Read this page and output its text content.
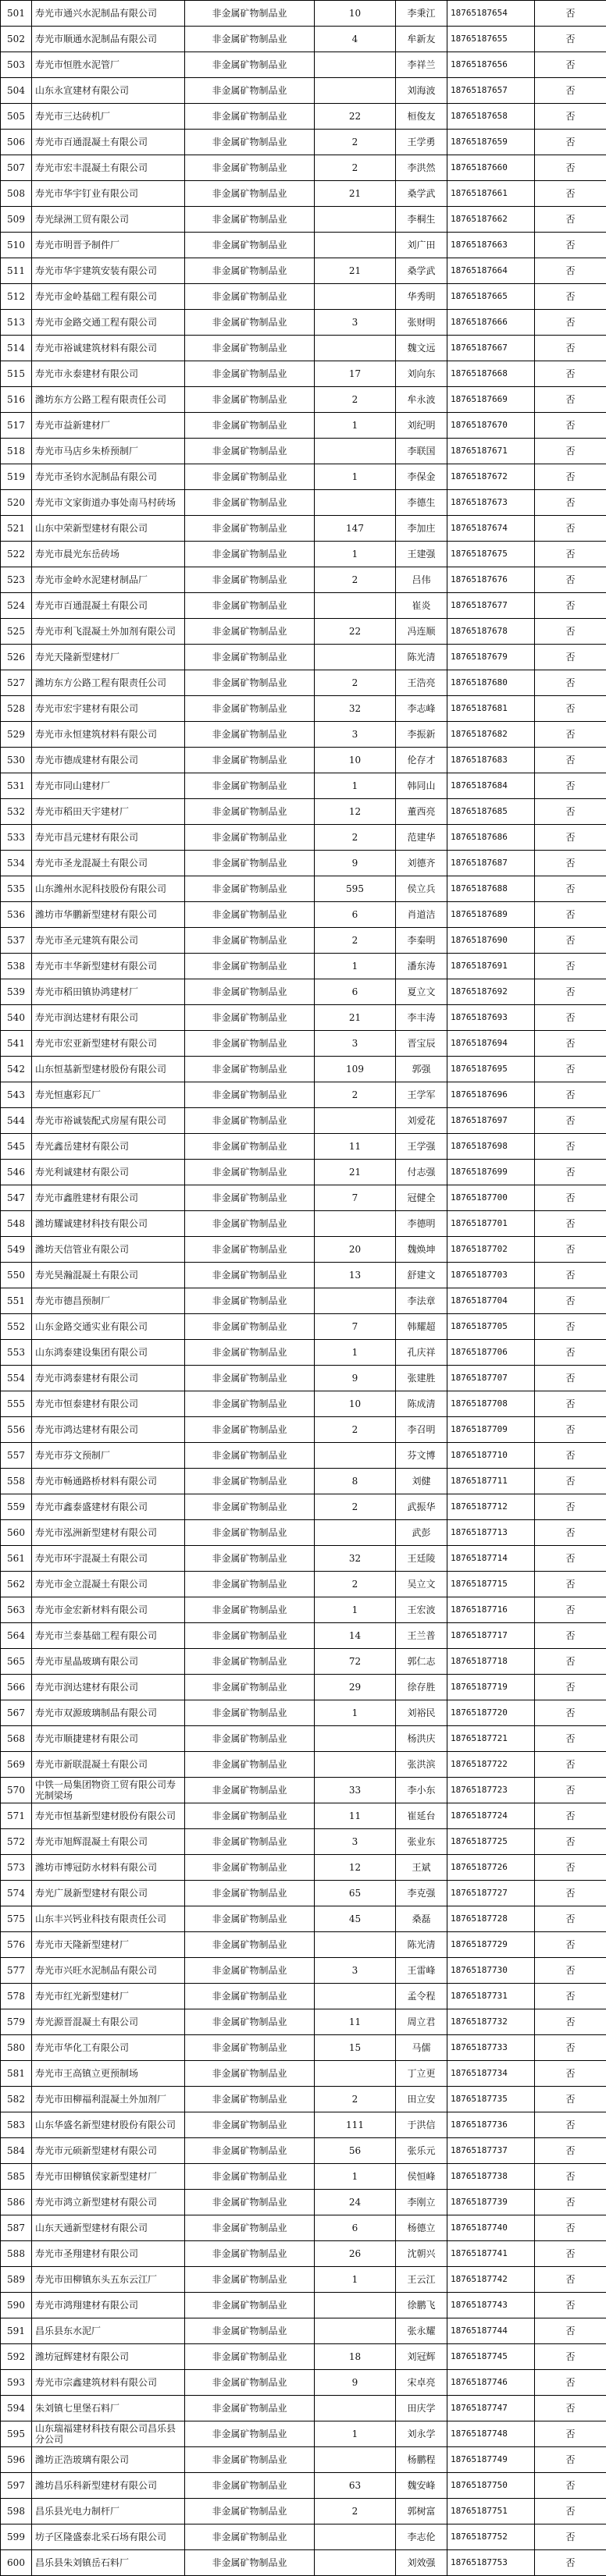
501	寿光市通兴水泥制品有限公司	非金属矿物制品业	10	李秉江	18765187654	否
502	寿光市顺通水泥制品有限公司	非金属矿物制品业	4	牟新友	18765187655	否
503	寿光市恒胜水泥管厂	非金属矿物制品业		李祥兰	18765187656	否
504	山东永宣建材有限公司	非金属矿物制品业		刘海波	18765187657	否
505	寿光市三达砖机厂	非金属矿物制品业	22	桓俊友	18765187658	否
506	寿光市百通混凝土有限公司	非金属矿物制品业	2	王学勇	18765187659	否
507	寿光市宏丰混凝土有限公司	非金属矿物制品业	2	李洪然	18765187660	否
508	寿光市华宇钉业有限公司	非金属矿物制品业	21	桑学武	18765187661	否
509	寿光绿洲工贸有限公司	非金属矿物制品业		李桐生	18765187662	否
510	寿光市明晋予制件厂	非金属矿物制品业		刘广田	18765187663	否
511	寿光市华宇建筑安装有限公司	非金属矿物制品业	21	桑学武	18765187664	否
512	寿光市金岭基础工程有限公司	非金属矿物制品业		华秀明	18765187665	否
513	寿光市金路交通工程有限公司	非金属矿物制品业	3	张财明	18765187666	否
514	寿光市裕诚建筑材料有限公司	非金属矿物制品业		魏文远	18765187667	否
515	寿光市永泰建材有限公司	非金属矿物制品业	17	刘向东	18765187668	否
516	潍坊东方公路工程有限责任公司	非金属矿物制品业	2	牟永波	18765187669	否
517	寿光市益新建材厂	非金属矿物制品业	1	刘纪明	18765187670	否
518	寿光市马店乡朱桥预制厂	非金属矿物制品业		李联国	18765187671	否
519	寿光市圣钧水泥制品有限公司	非金属矿物制品业	1	李保金	18765187672	否
520	寿光市文家街道办事处南马村砖场	非金属矿物制品业		李德生	18765187673	否
521	山东中荣新型建材有限公司	非金属矿物制品业	147	李加庄	18765187674	否
522	寿光市晨光东岳砖场	非金属矿物制品业	1	王建强	18765187675	否
523	寿光市金岭水泥建材制品厂	非金属矿物制品业	2	吕伟	18765187676	否
524	寿光市百通混凝土有限公司	非金属矿物制品业		崔炎	18765187677	否
525	寿光市利飞混凝土外加剂有限公司	非金属矿物制品业	22	冯连顺	18765187678	否
526	寿光天隆新型建材厂	非金属矿物制品业		陈光清	18765187679	否
527	潍坊东方公路工程有限责任公司	非金属矿物制品业	2	王浩亮	18765187680	否
528	寿光市宏宇建材有限公司	非金属矿物制品业	32	李志峰	18765187681	否
529	寿光市永恒建筑材料有限公司	非金属矿物制品业	3	李振新	18765187682	否
530	寿光市德成建材有限公司	非金属矿物制品业	10	伦存才	18765187683	否
531	寿光市同山建材厂	非金属矿物制品业	1	韩同山	18765187684	否
532	寿光市稻田天宇建材厂	非金属矿物制品业	12	董西亮	18765187685	否
533	寿光市昌元建材有限公司	非金属矿物制品业	2	范建华	18765187686	否
534	寿光市圣龙混凝土有限公司	非金属矿物制品业	9	刘德齐	18765187687	否
535	山东潍州水泥科技股份有限公司	非金属矿物制品业	595	侯立兵	18765187688	否
536	潍坊市华鹏新型建材有限公司	非金属矿物制品业	6	肖道洁	18765187689	否
537	寿光市圣元建筑有限公司	非金属矿物制品业	2	李秦明	18765187690	否
538	寿光市丰华新型建材有限公司	非金属矿物制品业	1	潘东涛	18765187691	否
539	寿光市稻田镇协鸿建材厂	非金属矿物制品业	6	夏立文	18765187692	否
540	寿光市润达建材有限公司	非金属矿物制品业	21	李丰涛	18765187693	否
541	寿光市宏亚新型建材有限公司	非金属矿物制品业	3	晋宝辰	18765187694	否
542	山东恒基新型建材股份有限公司	非金属矿物制品业	109	郭强	18765187695	否
543	寿光恒惠彩瓦厂	非金属矿物制品业	2	王学军	18765187696	否
544	寿光市裕诚装配式房屋有限公司	非金属矿物制品业		刘爱花	18765187697	否
545	寿光鑫岳建材有限公司	非金属矿物制品业	11	王学强	18765187698	否
546	寿光利诚建材有限公司	非金属矿物制品业	21	付志强	18765187699	否
547	寿光市鑫胜建材有限公司	非金属矿物制品业	7	冠健全	18765187700	否
548	潍坊耀诚建材科技有限公司	非金属矿物制品业		李德明	18765187701	否
549	潍坊天信管业有限公司	非金属矿物制品业	20	魏焕坤	18765187702	否
550	寿光昊瀚混凝土有限公司	非金属矿物制品业	13	舒建文	18765187703	否
551	寿光市德昌预制厂	非金属矿物制品业		李法章	18765187704	否
552	山东金路交通实业有限公司	非金属矿物制品业	7	韩耀超	18765187705	否
553	山东鸿泰建设集团有限公司	非金属矿物制品业	1	孔庆祥	18765187706	否
554	寿光市鸿泰建材有限公司	非金属矿物制品业	9	张建胜	18765187707	否
555	寿光市恒泰建材有限公司	非金属矿物制品业	10	陈成清	18765187708	否
556	寿光市鸿达建材有限公司	非金属矿物制品业	2	李召明	18765187709	否
557	寿光市芬文预制厂	非金属矿物制品业		芬文博	18765187710	否
558	寿光市畅通路桥材料有限公司	非金属矿物制品业	8	刘健	18765187711	否
559	寿光市鑫泰盛建材有限公司	非金属矿物制品业	2	武振华	18765187712	否
560	寿光市泓洲新型建材有限公司	非金属矿物制品业		武彭	18765187713	否
561	寿光市环宇混凝土有限公司	非金属矿物制品业	32	王廷陵	18765187714	否
562	寿光市金立混凝土有限公司	非金属矿物制品业	2	吴立文	18765187715	否
563	寿光市金宏新材料有限公司	非金属矿物制品业	1	王宏波	18765187716	否
564	寿光市兰泰基础工程有限公司	非金属矿物制品业	14	王兰普	18765187717	否
565	寿光市星晶玻璃有限公司	非金属矿物制品业	72	郭仁志	18765187718	否
566	寿光市润达建材有限公司	非金属矿物制品业	29	徐存胜	18765187719	否
567	寿光市双源玻璃制品有限公司	非金属矿物制品业	1	刘裕民	18765187720	否
568	寿光市顺捷建材有限公司	非金属矿物制品业		杨洪庆	18765187721	否
569	寿光市新联混凝土有限公司	非金属矿物制品业		张洪滨	18765187722	否
570	中铁一局集团物资工贸有限公司寿光制梁场	非金属矿物制品业	33	李小东	18765187723	否
571	寿光市恒基新型建材股份有限公司	非金属矿物制品业	11	崔延台	18765187724	否
572	寿光市旭辉混凝土有限公司	非金属矿物制品业	3	张业东	18765187725	否
573	潍坊市博冠防水材料有限公司	非金属矿物制品业	12	王斌	18765187726	否
574	寿光广晟新型建材有限公司	非金属矿物制品业	65	李克强	18765187727	否
575	山东丰兴钙业科技有限责任公司	非金属矿物制品业	45	桑磊	18765187728	否
576	寿光市天隆新型建材厂	非金属矿物制品业		陈光清	18765187729	否
577	寿光市兴旺水泥制品有限公司	非金属矿物制品业	3	王雷峰	18765187730	否
578	寿光市红光新型建材厂	非金属矿物制品业		孟令程	18765187731	否
579	寿光源晋混凝土有限公司	非金属矿物制品业	11	周立君	18765187732	否
580	寿光市华化工有限公司	非金属矿物制品业	15	马儒	18765187733	否
581	寿光市王高镇立更预制场	非金属矿物制品业		丁立更	18765187734	否
582	寿光市田柳福利混凝土外加剂厂	非金属矿物制品业	2	田立安	18765187735	否
583	山东华盛名新型建材股份有限公司	非金属矿物制品业	111	于洪信	18765187736	否
584	寿光市元硕新型建材有限公司	非金属矿物制品业	56	张乐元	18765187737	否
585	寿光市田柳镇侯家新型建材厂	非金属矿物制品业	1	侯恒峰	18765187738	否
586	寿光市鸿立新型建材有限公司	非金属矿物制品业	24	李刚立	18765187739	否
587	山东天通新型建材有限公司	非金属矿物制品业	6	杨德立	18765187740	否
588	寿光市圣翔建材有限公司	非金属矿物制品业	26	沈朝兴	18765187741	否
589	寿光市田柳镇东头五东云江厂	非金属矿物制品业	1	王云江	18765187742	否
590	寿光市鸿翔建材有限公司	非金属矿物制品业		徐鹏飞	18765187743	否
591	昌乐县东水泥厂	非金属矿物制品业		张永耀	18765187744	否
592	潍坊冠辉建材有限公司	非金属矿物制品业	18	刘冠辉	18765187745	否
593	寿光市宗鑫建筑材料有限公司	非金属矿物制品业	9	宋卓亮	18765187746	否
594	朱刘镇七里堡石料厂	非金属矿物制品业		田庆学	18765187747	否
595	山东瑞福建材科技有限公司昌乐县分公司	非金属矿物制品业	1	刘永学	18765187748	否
596	潍坊正浩玻璃有限公司	非金属矿物制品业		杨鹏程	18765187749	否
597	潍坊昌乐科新型建材有限公司	非金属矿物制品业	63	魏安峰	18765187750	否
598	昌乐县光电力制杆厂	非金属矿物制品业	2	郭树富	18765187751	否
599	坊子区隆盛泰北采石场有限公司	非金属矿物制品业		李志伦	18765187752	否
600	昌乐县朱刘镇岳石料厂	非金属矿物制品业		刘效强	18765187753	否
